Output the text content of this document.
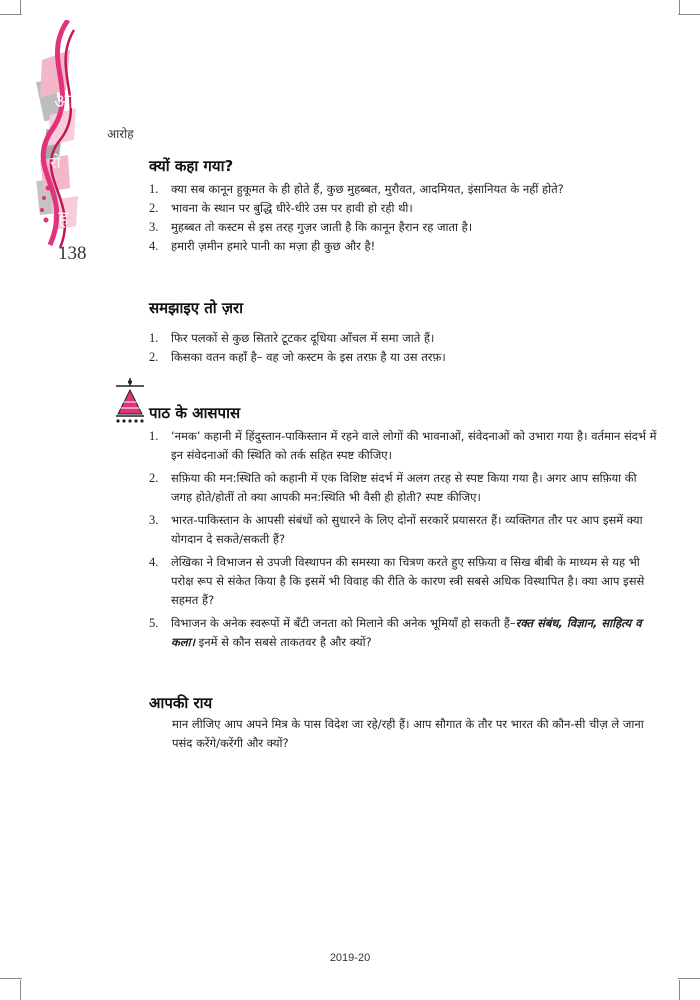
आ
रो
ह
138
आरोह
क्यों कहा गया?
1. क्या सब कानून हुकूमत के ही होते हैं, कुछ मुहब्बत, मुरौवत, आदमियत, इंसानियत के नहीं होते?
2. भावना के स्थान पर बुद्धि धीरे-धीरे उस पर हावी हो रही थी।
3. मुहब्बत तो कस्टम से इस तरह गुज़र जाती है कि कानून हैरान रह जाता है।
4. हमारी ज़मीन हमारे पानी का मज़ा ही कुछ और है!
समझाइए तो ज़रा
1. फिर पलकों से कुछ सितारे टूटकर दूधिया आँचल में समा जाते हैं।
2. किसका वतन कहाँ है– वह जो कस्टम के इस तरफ़ है या उस तरफ़।
पाठ के आसपास
1. ‘नमक’ कहानी में हिंदुस्तान-पाकिस्तान में रहने वाले लोगों की भावनाओं, संवेदनाओं को उभारा गया है। वर्तमान संदर्भ में इन संवेदनाओं की स्थिति को तर्क सहित स्पष्ट कीजिए।
2. सफ़िया की मन:स्थिति को कहानी में एक विशिष्ट संदर्भ में अलग तरह से स्पष्ट किया गया है। अगर आप सफ़िया की जगह होते/होतीं तो क्या आपकी मन:स्थिति भी वैसी ही होती? स्पष्ट कीजिए।
3. भारत-पाकिस्तान के आपसी संबंधों को सुधारने के लिए दोनों सरकारें प्रयासरत हैं। व्यक्तिगत तौर पर आप इसमें क्या योगदान दे सकते/सकती हैं?
4. लेखिका ने विभाजन से उपजी विस्थापन की समस्या का चित्रण करते हुए सफ़िया व सिख बीबी के माध्यम से यह भी परोक्ष रूप से संकेत किया है कि इसमें भी विवाह की रीति के कारण स्त्री सबसे अधिक विस्थापित है। क्या आप इससे सहमत हैं?
5. विभाजन के अनेक स्वरूपों में बँटी जनता को मिलाने की अनेक भूमियाँ हो सकती हैं–रक्त संबंध, विज्ञान, साहित्य व कला। इनमें से कौन सबसे ताकतवर है और क्यों?
आपकी राय

मान लीजिए आप अपने मित्र के पास विदेश जा रहे/रही हैं। आप सौगात के तौर पर भारत की कौन-सी चीज़ ले जाना पसंद करेंगे/करेंगी और क्यों?

2019-20
